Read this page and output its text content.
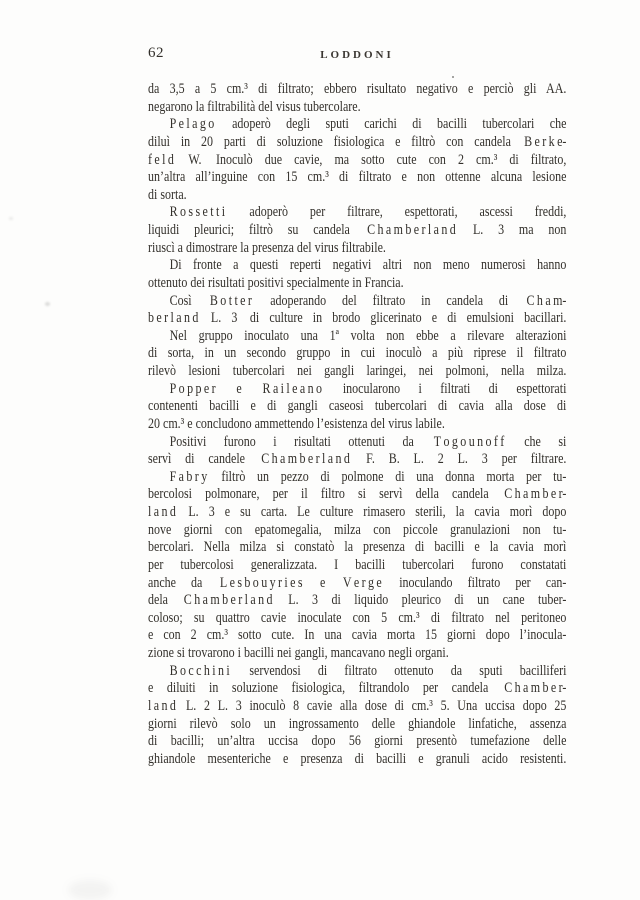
62	LODDONI
da 3,5 a 5 cm.³ di filtrato; ebbero risultato negativo e perciò gli AA.
negarono la filtrabilità del visus tubercolare.
P e l a g o  adoperò degli sputi carichi di bacilli tubercolari che
diluì in 20 parti di soluzione fisiologica e filtrò con candela  B e r k e-
f e l d  W.  Inoculò due cavie, ma sotto cute con 2 cm.³ di filtrato,
un’altra all’inguine con 15 cm.³ di filtrato e non ottenne alcuna lesione
di sorta.
R o s s e t t i  adoperò per filtrare, espettorati, ascessi freddi,
liquidi pleurici; filtrò su candela  C h a m b e r l a n d  L. 3 ma non
riuscì a dimostrare la presenza del virus filtrabile.
Di fronte a questi reperti negativi altri non meno numerosi hanno
ottenuto dei risultati positivi specialmente in Francia.
Così  B o t t e r  adoperando del filtrato in candela di  C h a m-
b e r l a n d  L. 3  di culture in brodo glicerinato e di emulsioni bacillari.
Nel gruppo inoculato una 1ª volta non ebbe a rilevare alterazioni
di sorta, in un secondo gruppo in cui inoculò a più riprese il filtrato
rilevò lesioni tubercolari nei gangli laringei, nei polmoni, nella milza.
P o p p e r  e  R a i l e a n o  inocularono i filtrati di espettorati
contenenti bacilli e di gangli caseosi tubercolari di cavia alla dose di
20 cm.³ e concludono ammettendo l’esistenza del virus labile.
Positivi furono i risultati ottenuti da  T o g o u n o f f  che si
servì di candele  C h a m b e r l a n d  F. B. L. 2 L. 3 per filtrare.
F a b r y  filtrò un pezzo di polmone di una donna morta per tu-
bercolosi polmonare, per il filtro si servì della candela  C h a m b e r-
l a n d  L. 3 e su carta. Le culture rimasero sterili, la cavia morì dopo
nove giorni con epatomegalia, milza con piccole granulazioni non tu-
bercolari. Nella milza si constatò la presenza di bacilli e la cavia morì
per tubercolosi generalizzata. I bacilli tubercolari furono constatati
anche da  L e s b o u y r i e s  e  V e r g e  inoculando filtrato per can-
dela  C h a m b e r l a n d  L. 3 di liquido pleurico di un cane tuber-
coloso; su quattro cavie inoculate con 5 cm.³ di filtrato nel peritoneo
e con 2 cm.³ sotto cute. In una cavia morta 15 giorni dopo l’inocula-
zione si trovarono i bacilli nei gangli, mancavano negli organi.
B o c c h i n i  servendosi di filtrato ottenuto da sputi bacilliferi
e diluiti in soluzione fisiologica, filtrandolo per candela  C h a m b e r-
l a n d  L. 2 L. 3 inoculò 8 cavie alla dose di cm.³ 5. Una uccisa dopo 25
giorni rilevò solo un ingrossamento delle ghiandole linfatiche, assenza
di bacilli; un’altra uccisa dopo 56 giorni presentò tumefazione delle
ghiandole mesenteriche e presenza di bacilli e granuli acido resistenti.
